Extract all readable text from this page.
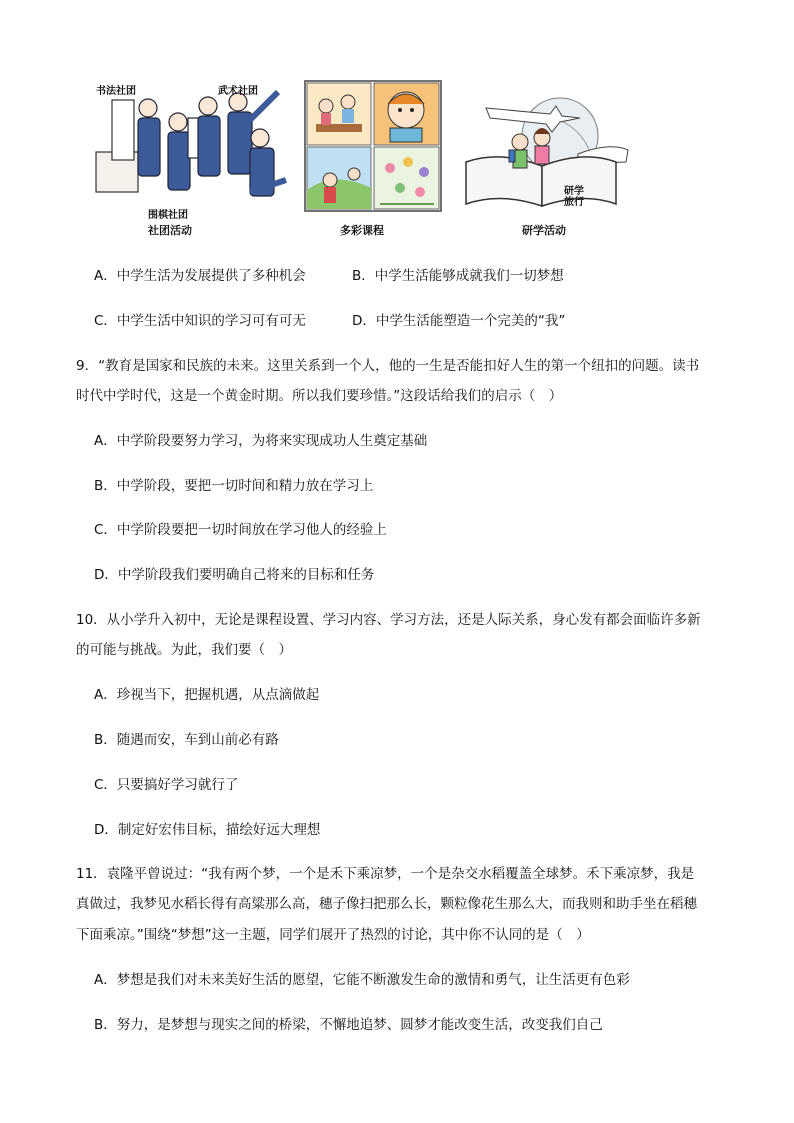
书法社团	武术社团
围棋社团
社团活动	多彩课程
研学
旅行
研学活动
A．中学生活为发展提供了多种机会	B．中学生活能够成就我们一切梦想
C．中学生活中知识的学习可有可无	D．中学生活能塑造一个完美的“我”
9．“教育是国家和民族的未来。这里关系到一个人，他的一生是否能扣好人生的第一个纽扣的问题。读书
时代中学时代，这是一个黄金时期。所以我们要珍惜。”这段话给我们的启示（　）
A．中学阶段要努力学习，为将来实现成功人生奠定基础
B．中学阶段，要把一切时间和精力放在学习上
C．中学阶段要把一切时间放在学习他人的经验上
D．中学阶段我们要明确自己将来的目标和任务
10．从小学升入初中，无论是课程设置、学习内容、学习方法，还是人际关系，身心发有都会面临许多新
的可能与挑战。为此，我们要（　）
A．珍视当下，把握机遇，从点滴做起
B．随遇而安，车到山前必有路
C．只要搞好学习就行了
D．制定好宏伟目标，描绘好远大理想
11．袁隆平曾说过：“我有两个梦，一个是禾下乘凉梦，一个是杂交水稻覆盖全球梦。禾下乘凉梦，我是
真做过，我梦见水稻长得有高粱那么高，穗子像扫把那么长，颗粒像花生那么大，而我则和助手坐在稻穗
下面乘凉。”围绕“梦想”这一主题，同学们展开了热烈的讨论，其中你不认同的是（　）
A．梦想是我们对未来美好生活的愿望，它能不断激发生命的激情和勇气，让生活更有色彩
B．努力，是梦想与现实之间的桥梁，不懈地追梦、圆梦才能改变生活，改变我们自己
